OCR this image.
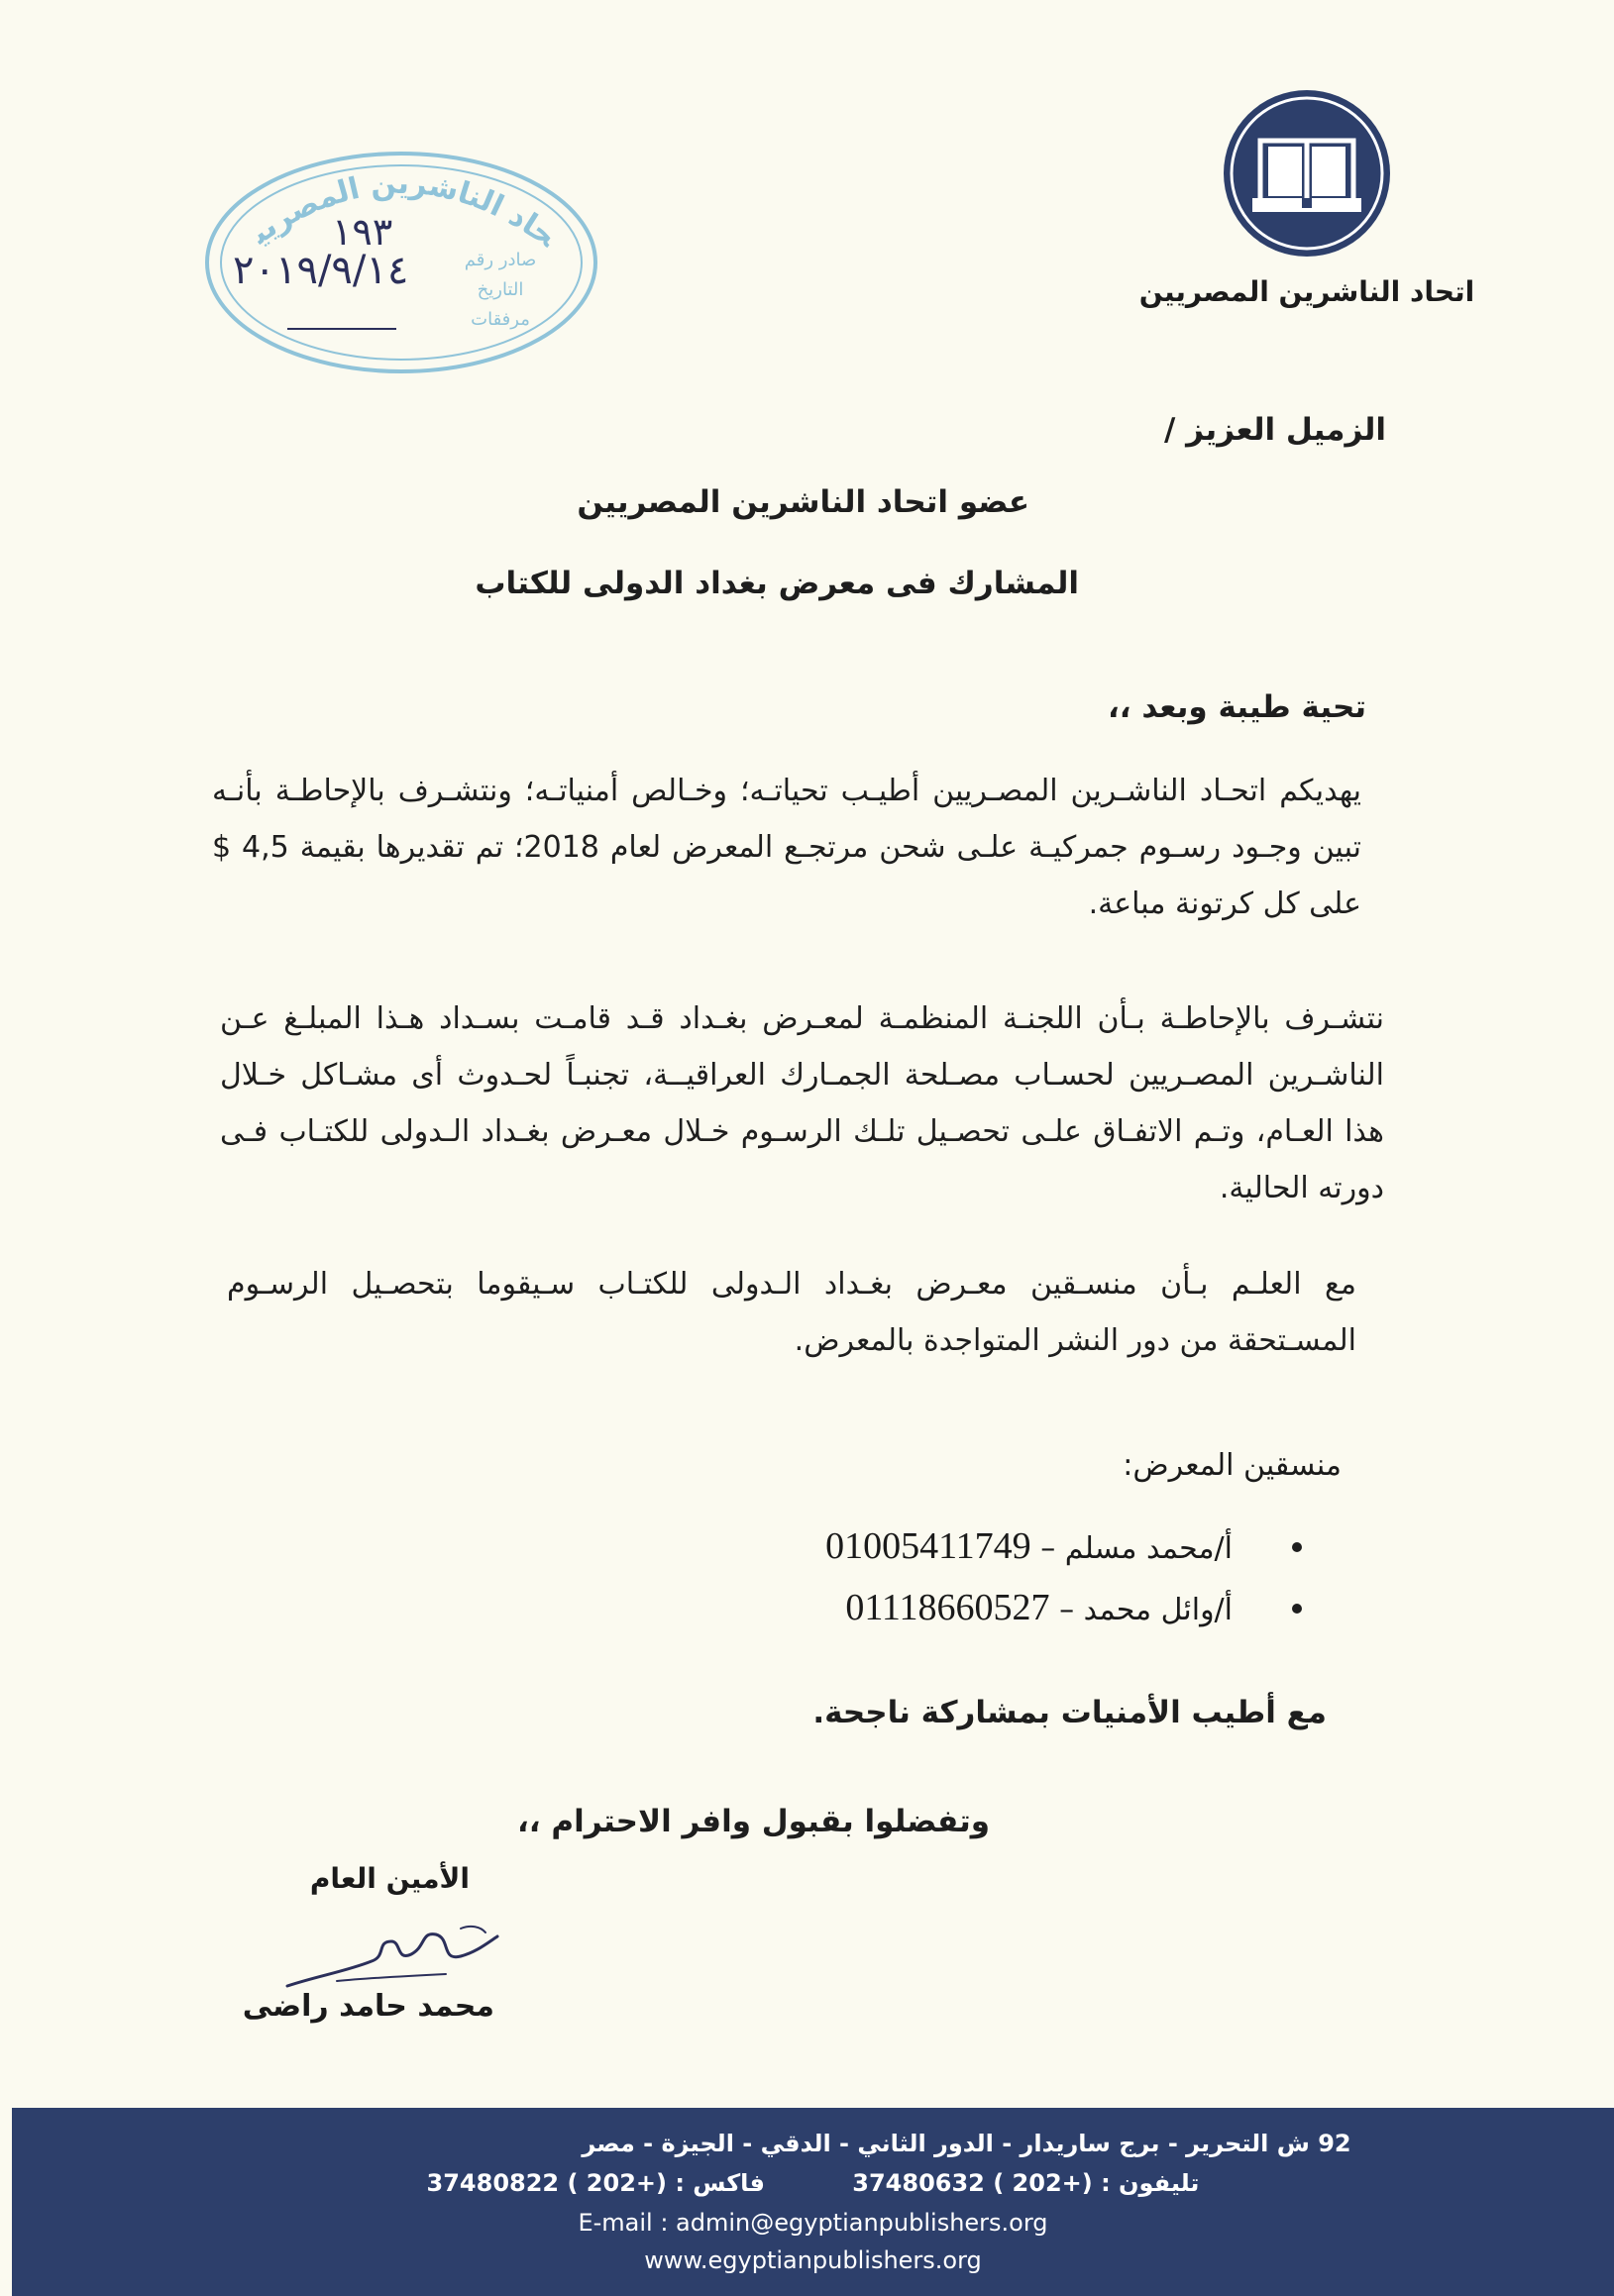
اتحاد الناشرين المصريين
حاد الناشرين المصريي
صادر رقم
التاريخ
مرفقات
١٩٣
٢٠١٩/٩/١٤
الزميل العزيز /
عضو اتحاد الناشرين المصريين
المشارك فى معرض بغداد الدولى للكتاب
تحية طيبة وبعد ،،
يهديكم اتحـاد الناشـرين المصـريين أطيـب تحياتـه؛ وخـالص أمنياتـه؛ ونتشـرف بالإحاطـة بأنـه تبين وجـود رسـوم جمركيـة علـى شحن مرتجـع المعرض لعام 2018؛ تم تقديرها بقيمة 4,5 $ على كل كرتونة مباعة.
نتشـرف بالإحاطـة بـأن اللجنـة المنظمـة لمعـرض بغـداد قـد قامـت بسـداد هـذا المبلـغ عـن الناشـرين المصـريين لحسـاب مصـلحة الجمـارك العراقيــة، تجنبـاً لحـدوث أى مشـاكل خـلال هذا العـام، وتـم الاتفـاق علـى تحصـيل تلـك الرسـوم خـلال معـرض بغـداد الـدولى للكتـاب فـى دورته الحالية.
مع العلـم بـأن منسـقين معـرض بغـداد الـدولى للكتـاب سـيقوما بتحصـيل الرسـوم المسـتحقة من دور النشر المتواجدة بالمعرض.
منسقين المعرض:
أ/محمد مسلم – 01005411749
أ/وائل محمد – 01118660527
مع أطيب الأمنيات بمشاركة ناجحة.
وتفضلوا بقبول وافر الاحترام ،،
الأمين العام
محمد حامد راضى
92 ش التحرير - برج ساريدار - الدور الثاني - الدقي - الجيزة - مصر
تليفون : 37480632 ( 202+) فاكس : 37480822 ( 202+)
E-mail : admin@egyptianpublishers.org
www.egyptianpublishers.org
